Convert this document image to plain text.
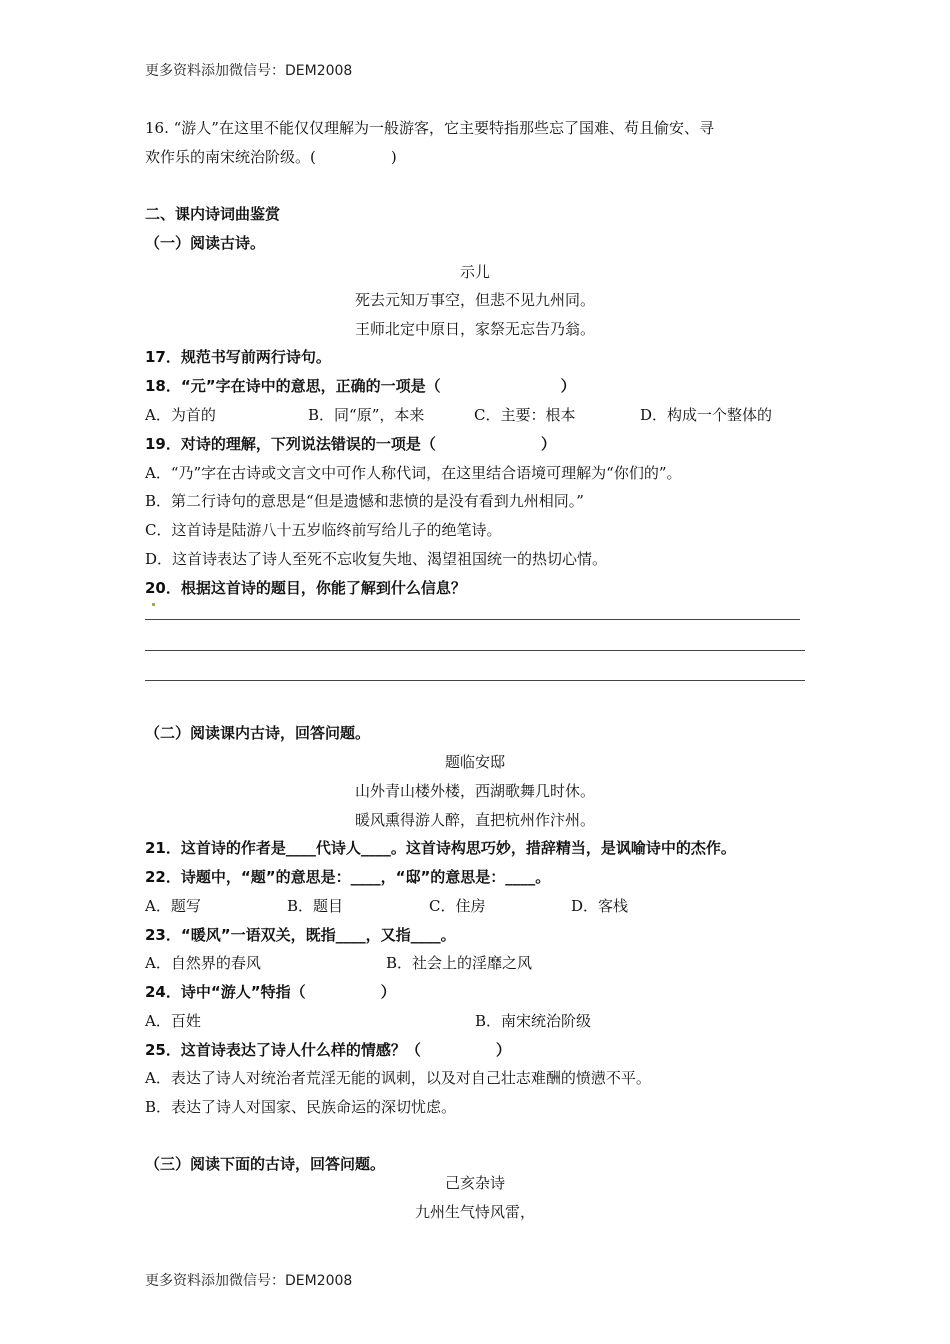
更多资料添加微信号：DEM2008
16. “游人”在这里不能仅仅理解为一般游客，它主要特指那些忘了国难、苟且偷安、寻
欢作乐的南宋统治阶级。(　　　　　)
二、课内诗词曲鉴赏
（一）阅读古诗。
示儿
死去元知万事空，但悲不见九州同。
王师北定中原日，家祭无忘告乃翁。
17．规范书写前两行诗句。
18．“元”字在诗中的意思，正确的一项是（　　　　　　　　）
A．为首的	B．同“原”，本来	C．主要：根本	D．构成一个整体的
19．对诗的理解，下列说法错误的一项是（　　　　　　　）
A．“乃”字在古诗或文言文中可作人称代词，在这里结合语境可理解为“你们的”。
B．第二行诗句的意思是“但是遗憾和悲愤的是没有看到九州相同。”
C．这首诗是陆游八十五岁临终前写给儿子的绝笔诗。
D．这首诗表达了诗人至死不忘收复失地、渴望祖国统一的热切心情。
20．根据这首诗的题目，你能了解到什么信息？
（二）阅读课内古诗，回答问题。
题临安邸
山外青山楼外楼，西湖歌舞几时休。
暖风熏得游人醉，直把杭州作汴州。
21．这首诗的作者是____代诗人____。这首诗构思巧妙，措辞精当，是讽喻诗中的杰作。
22．诗题中，“题”的意思是：____，“邸”的意思是：____。
A．题写	B．题目	C．住房	D．客栈
23．“暖风”一语双关，既指____，又指____。
A．自然界的春风	B．社会上的淫靡之风
24．诗中“游人”特指（　　　　　）
A．百姓	B．南宋统治阶级
25．这首诗表达了诗人什么样的情感？（　　　　　）
A．表达了诗人对统治者荒淫无能的讽刺，以及对自己壮志难酬的愤懑不平。
B．表达了诗人对国家、民族命运的深切忧虑。
（三）阅读下面的古诗，回答问题。
己亥杂诗
九州生气恃风雷，
更多资料添加微信号：DEM2008
